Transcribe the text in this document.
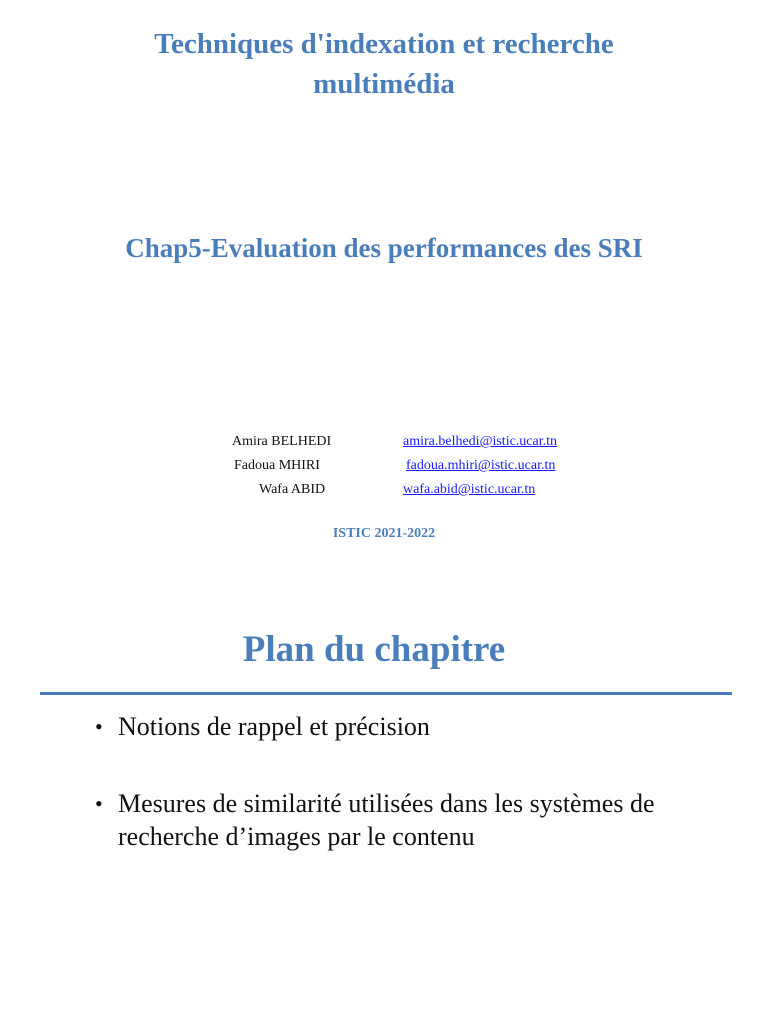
Techniques d'indexation et recherche
multimédia
Chap5-Evaluation des performances des SRI
Amira BELHEDI	amira.belhedi@istic.ucar.tn
Fadoua MHIRI	fadoua.mhiri@istic.ucar.tn
Wafa ABID	wafa.abid@istic.ucar.tn
ISTIC 2021-2022
Plan du chapitre
• Notions de rappel et précision
• Mesures de similarité utilisées dans les systèmes de recherche d’images par le contenu
